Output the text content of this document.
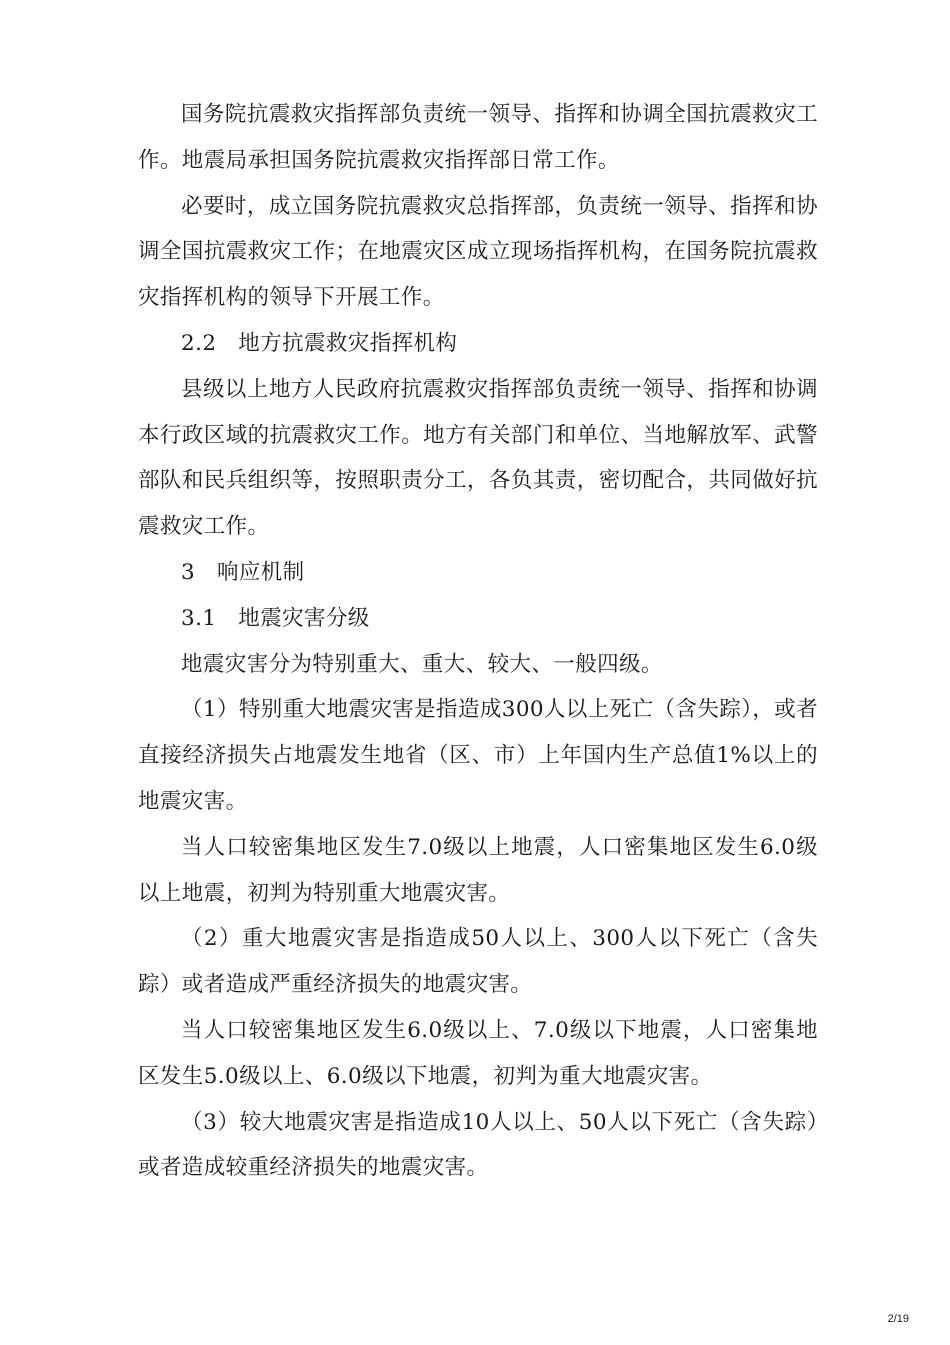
国务院抗震救灾指挥部负责统一领导、指挥和协调全国抗震救灾工作。地震局承担国务院抗震救灾指挥部日常工作。

必要时，成立国务院抗震救灾总指挥部，负责统一领导、指挥和协调全国抗震救灾工作；在地震灾区成立现场指挥机构，在国务院抗震救灾指挥机构的领导下开展工作。

2.2　地方抗震救灾指挥机构

县级以上地方人民政府抗震救灾指挥部负责统一领导、指挥和协调本行政区域的抗震救灾工作。地方有关部门和单位、当地解放军、武警部队和民兵组织等，按照职责分工，各负其责，密切配合，共同做好抗震救灾工作。

3　响应机制

3.1　地震灾害分级

地震灾害分为特别重大、重大、较大、一般四级。

（1）特别重大地震灾害是指造成300人以上死亡（含失踪），或者直接经济损失占地震发生地省（区、市）上年国内生产总值1%以上的地震灾害。

当人口较密集地区发生7.0级以上地震，人口密集地区发生6.0级以上地震，初判为特别重大地震灾害。

（2）重大地震灾害是指造成50人以上、300人以下死亡（含失踪）或者造成严重经济损失的地震灾害。

当人口较密集地区发生6.0级以上、7.0级以下地震，人口密集地区发生5.0级以上、6.0级以下地震，初判为重大地震灾害。

（3）较大地震灾害是指造成10人以上、50人以下死亡（含失踪）或者造成较重经济损失的地震灾害。

2/19
